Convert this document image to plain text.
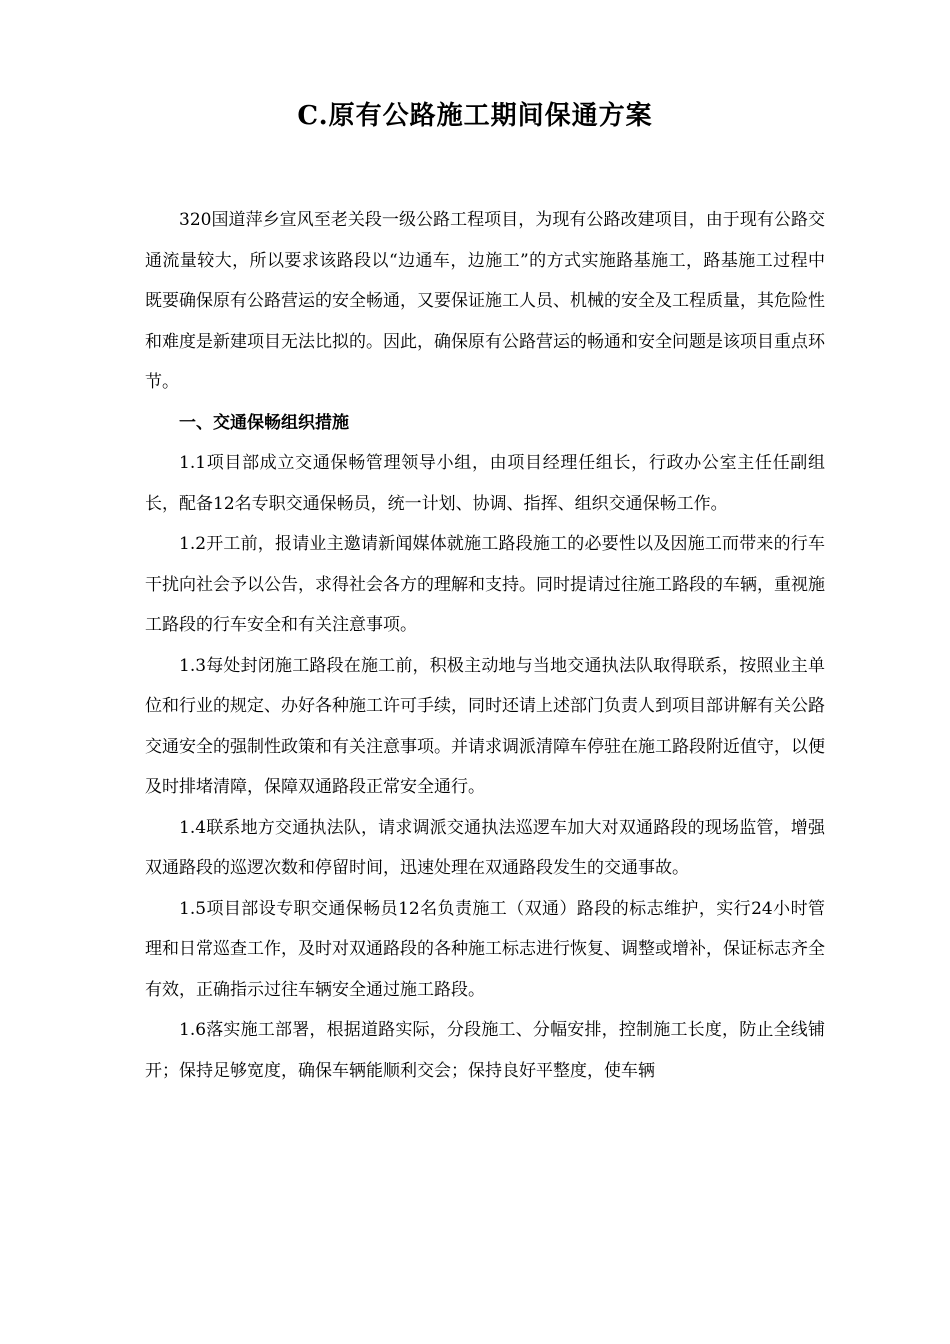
C.原有公路施工期间保通方案

320国道萍乡宣风至老关段一级公路工程项目，为现有公路改建项目，由于现有公路交通流量较大，所以要求该路段以“边通车，边施工”的方式实施路基施工，路基施工过程中既要确保原有公路营运的安全畅通，又要保证施工人员、机械的安全及工程质量，其危险性和难度是新建项目无法比拟的。因此，确保原有公路营运的畅通和安全问题是该项目重点环节。

一、交通保畅组织措施

1.1项目部成立交通保畅管理领导小组，由项目经理任组长，行政办公室主任任副组长，配备12名专职交通保畅员，统一计划、协调、指挥、组织交通保畅工作。

1.2开工前，报请业主邀请新闻媒体就施工路段施工的必要性以及因施工而带来的行车干扰向社会予以公告，求得社会各方的理解和支持。同时提请过往施工路段的车辆，重视施工路段的行车安全和有关注意事项。

1.3每处封闭施工路段在施工前，积极主动地与当地交通执法队取得联系，按照业主单位和行业的规定、办好各种施工许可手续，同时还请上述部门负责人到项目部讲解有关公路交通安全的强制性政策和有关注意事项。并请求调派清障车停驻在施工路段附近值守，以便及时排堵清障，保障双通路段正常安全通行。

1.4联系地方交通执法队，请求调派交通执法巡逻车加大对双通路段的现场监管，增强双通路段的巡逻次数和停留时间，迅速处理在双通路段发生的交通事故。

1.5项目部设专职交通保畅员12名负责施工（双通）路段的标志维护，实行24小时管理和日常巡查工作，及时对双通路段的各种施工标志进行恢复、调整或增补，保证标志齐全有效，正确指示过往车辆安全通过施工路段。

1.6落实施工部署，根据道路实际，分段施工、分幅安排，控制施工长度，防止全线铺开；保持足够宽度，确保车辆能顺利交会；保持良好平整度，使车辆
